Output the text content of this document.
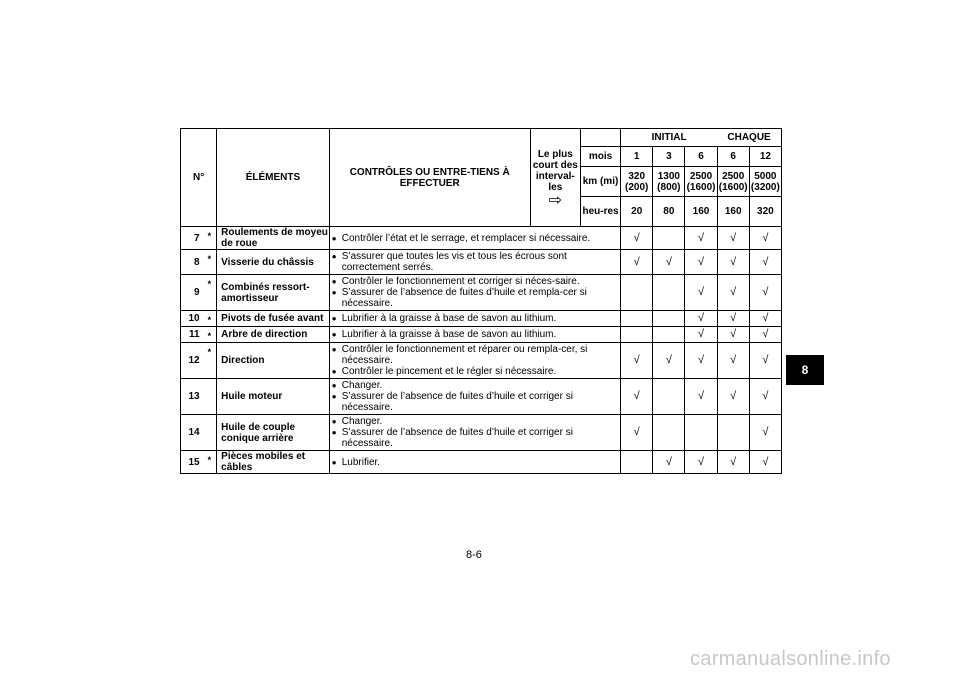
N°		ÉLÉMENTS	CONTRÔLES OU ENTRE-TIENS À EFFECTUER	Le plus court des interval-les
⇨		INITIAL			CHAQUE	
					mois	1	3	6	6	12
					km (mi)	320 (200)	1300 (800)	2500 (1600)	2500 (1600)	5000 (3200)
					heu-res	20	80	160	160	320
7	*	Roulements de moyeu de roue	● Contrôler l’état et le serrage, et remplacer si nécessaire.			√		√	√	√
8	*	Visserie du châssis	● S’assurer que toutes les vis et tous les écrous sont correctement serrés.			√	√	√	√	√
9	*	Combinés ressort-amortisseur	● Contrôler le fonctionnement et corriger si néces-saire.
● S’assurer de l’absence de fuites d’huile et rempla-cer si nécessaire.					√	√	√
10	*	Pivots de fusée avant	● Lubrifier à la graisse à base de savon au lithium.					√	√	√
11	*	Arbre de direction	● Lubrifier à la graisse à base de savon au lithium.					√	√	√
12	*	Direction	● Contrôler le fonctionnement et réparer ou rempla-cer, si nécessaire.
● Contrôler le pincement et le régler si nécessaire.			√	√	√	√	√
13		Huile moteur	● Changer.
● S’assurer de l’absence de fuites d’huile et corriger si nécessaire.			√		√	√	√
14		Huile de couple conique arrière	● Changer.
● S’assurer de l’absence de fuites d’huile et corriger si nécessaire.			√				√
15	*	Pièces mobiles et câbles	● Lubrifier.				√	√	√	√
8
8-6
carmanualsonline.info
